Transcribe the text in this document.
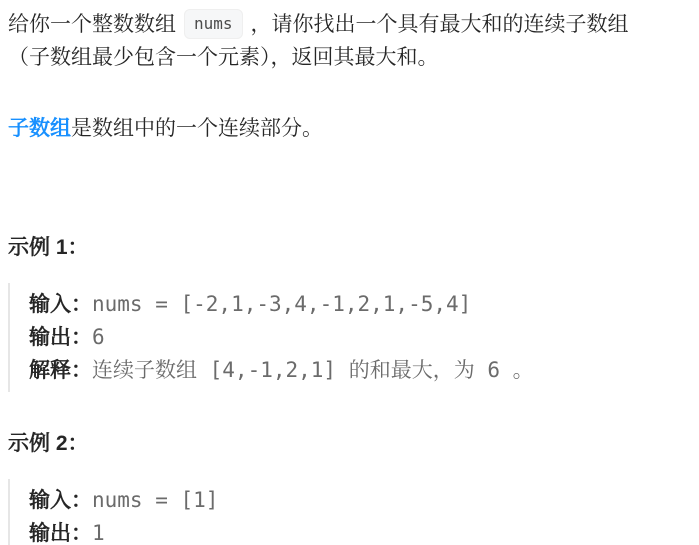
给你一个整数数组 nums ，请你找出一个具有最大和的连续子数组（子数组最少包含一个元素），返回其最大和。

子数组是数组中的一个连续部分。

示例 1：

输入：nums = [-2,1,-3,4,-1,2,1,-5,4]
输出：6
解释：连续子数组 [4,-1,2,1] 的和最大，为 6 。

示例 2：

输入：nums = [1]
输出：1
